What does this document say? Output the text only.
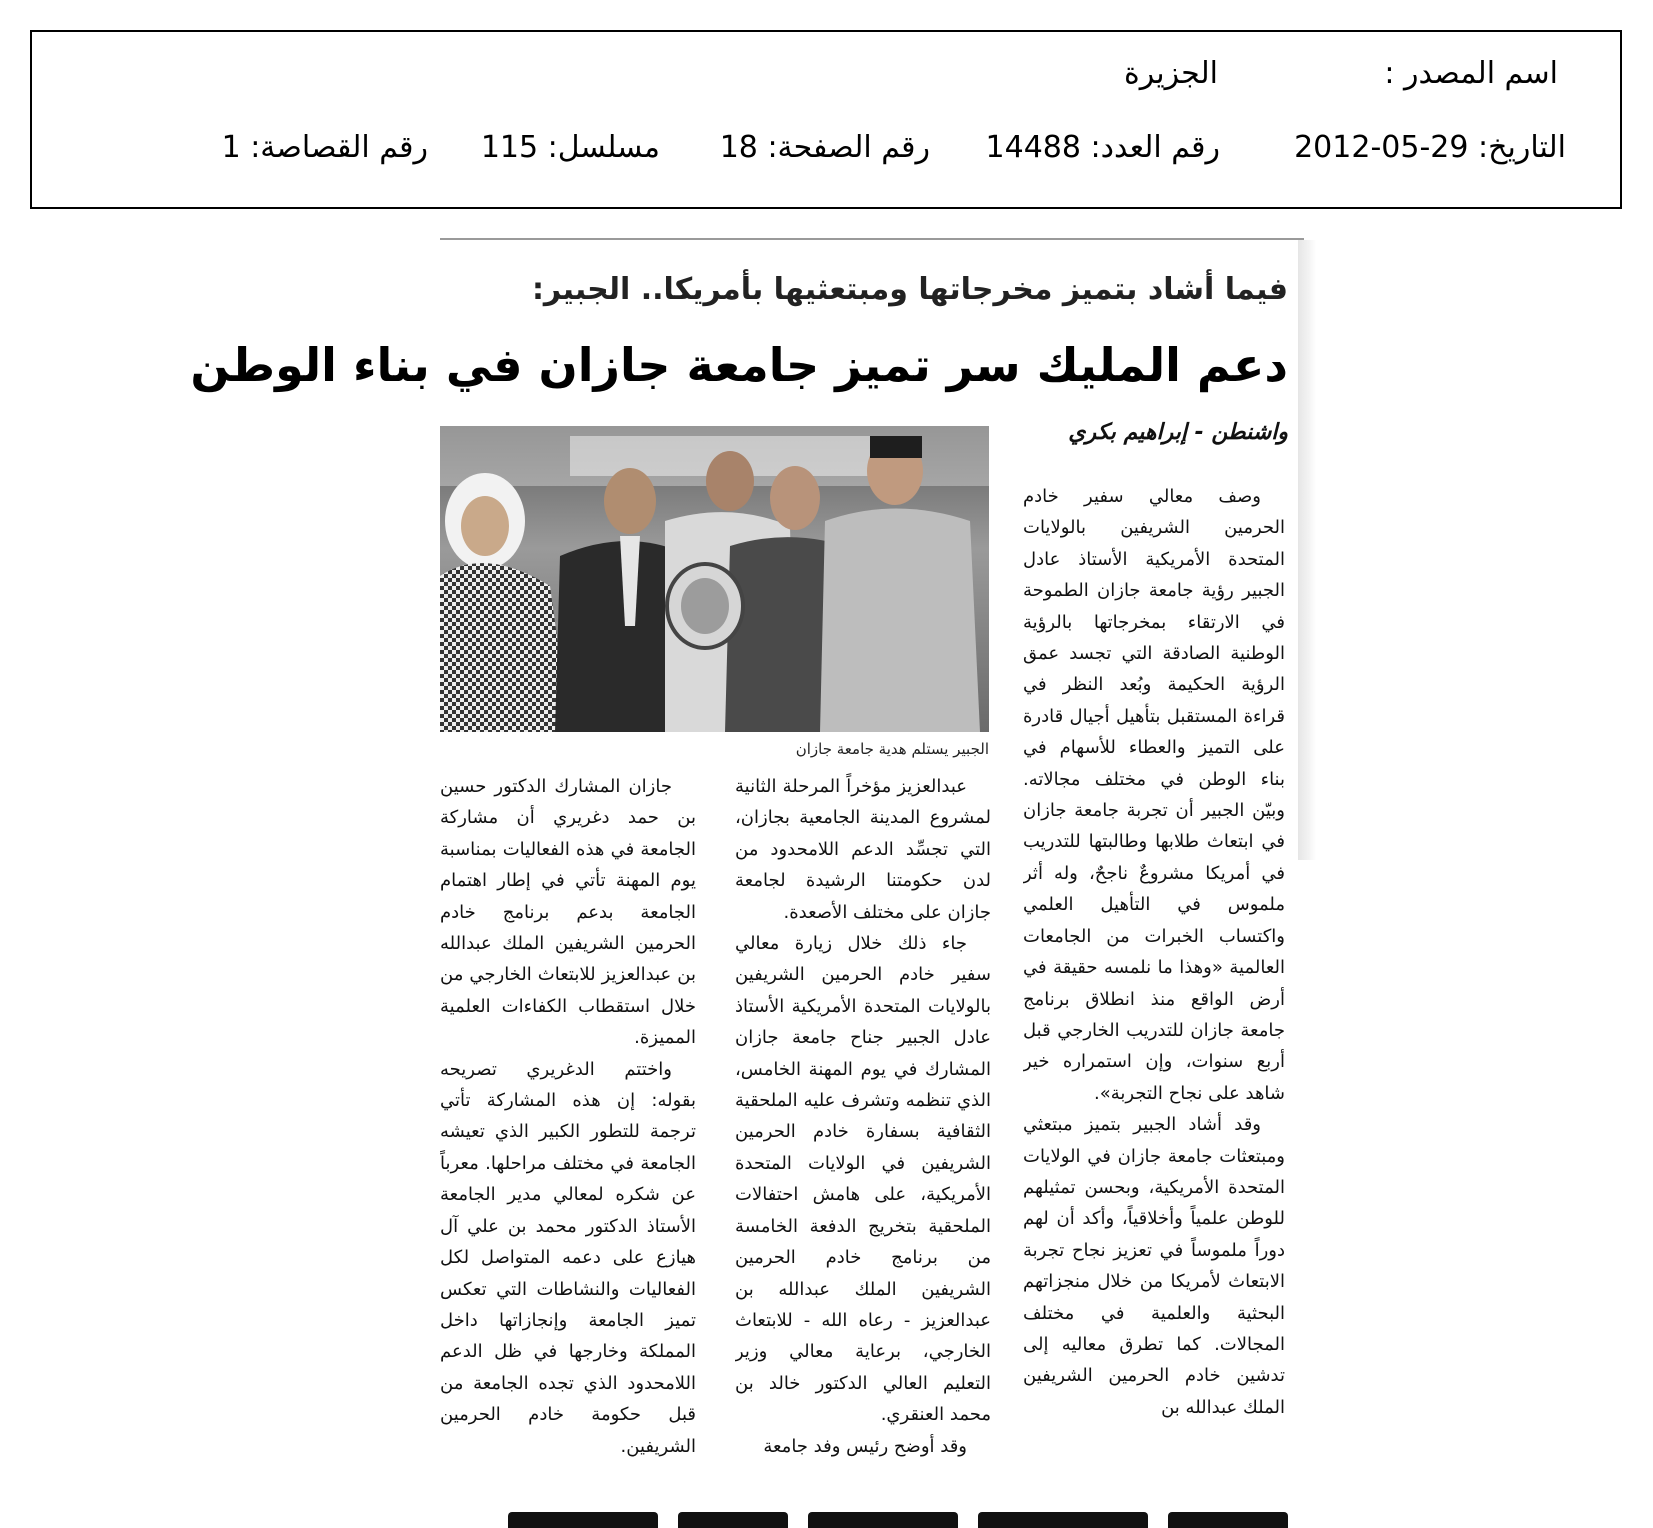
اسم المصدر :
الجزيرة
التاريخ: 29-05-2012
رقم العدد: 14488
رقم الصفحة: 18
مسلسل: 115
رقم القصاصة: 1
فيما أشاد بتميز مخرجاتها ومبتعثيها بأمريكا.. الجبير:
دعم المليك سر تميز جامعة جازان في بناء الوطن
واشنطن - إبراهيم بكري
الجبير يستلم هدية جامعة جازان

وصف معالي سفير خادم الحرمين الشريفين بالولايات المتحدة الأمريكية الأستاذ عادل الجبير رؤية جامعة جازان الطموحة في الارتقاء بمخرجاتها بالرؤية الوطنية الصادقة التي تجسد عمق الرؤية الحكيمة وبُعد النظر في قراءة المستقبل بتأهيل أجيال قادرة على التميز والعطاء للأسهام في بناء الوطن في مختلف مجالاته. وبيّن الجبير أن تجربة جامعة جازان في ابتعاث طلابها وطالبتها للتدريب في أمريكا مشروعٌ ناجحٌ، وله أثر ملموس في التأهيل العلمي واكتساب الخبرات من الجامعات العالمية «وهذا ما نلمسه حقيقة في أرض الواقع منذ انطلاق برنامج جامعة جازان للتدريب الخارجي قبل أربع سنوات، وإن استمراره خير شاهد على نجاح التجربة».

وقد أشاد الجبير بتميز مبتعثي ومبتعثات جامعة جازان في الولايات المتحدة الأمريكية، وبحسن تمثيلهم للوطن علمياً وأخلاقياً، وأكد أن لهم دوراً ملموساً في تعزيز نجاح تجربة الابتعاث لأمريكا من خلال منجزاتهم البحثية والعلمية في مختلف المجالات. كما تطرق معاليه إلى تدشين خادم الحرمين الشريفين الملك عبدالله بن

عبدالعزيز مؤخراً المرحلة الثانية لمشروع المدينة الجامعية بجازان، التي تجسِّد الدعم اللامحدود من لدن حكومتنا الرشيدة لجامعة جازان على مختلف الأصعدة.

جاء ذلك خلال زيارة معالي سفير خادم الحرمين الشريفين بالولايات المتحدة الأمريكية الأستاذ عادل الجبير جناح جامعة جازان المشارك في يوم المهنة الخامس، الذي تنظمه وتشرف عليه الملحقية الثقافية بسفارة خادم الحرمين الشريفين في الولايات المتحدة الأمريكية، على هامش احتفالات الملحقية بتخريج الدفعة الخامسة من برنامج خادم الحرمين الشريفين الملك عبدالله بن عبدالعزيز - رعاه الله - للابتعاث الخارجي، برعاية معالي وزير التعليم العالي الدكتور خالد بن محمد العنقري.

وقد أوضح رئيس وفد جامعة

جازان المشارك الدكتور حسين بن حمد دغريري أن مشاركة الجامعة في هذه الفعاليات بمناسبة يوم المهنة تأتي في إطار اهتمام الجامعة بدعم برنامج خادم الحرمين الشريفين الملك عبدالله بن عبدالعزيز للابتعاث الخارجي من خلال استقطاب الكفاءات العلمية المميزة.

واختتم الدغريري تصريحه بقوله: إن هذه المشاركة تأتي ترجمة للتطور الكبير الذي تعيشه الجامعة في مختلف مراحلها. معرباً عن شكره لمعالي مدير الجامعة الأستاذ الدكتور محمد بن علي آل هيازع على دعمه المتواصل لكل الفعاليات والنشاطات التي تعكس تميز الجامعة وإنجازاتها داخل المملكة وخارجها في ظل الدعم اللامحدود الذي تجده الجامعة من قبل حكومة خادم الحرمين الشريفين.
